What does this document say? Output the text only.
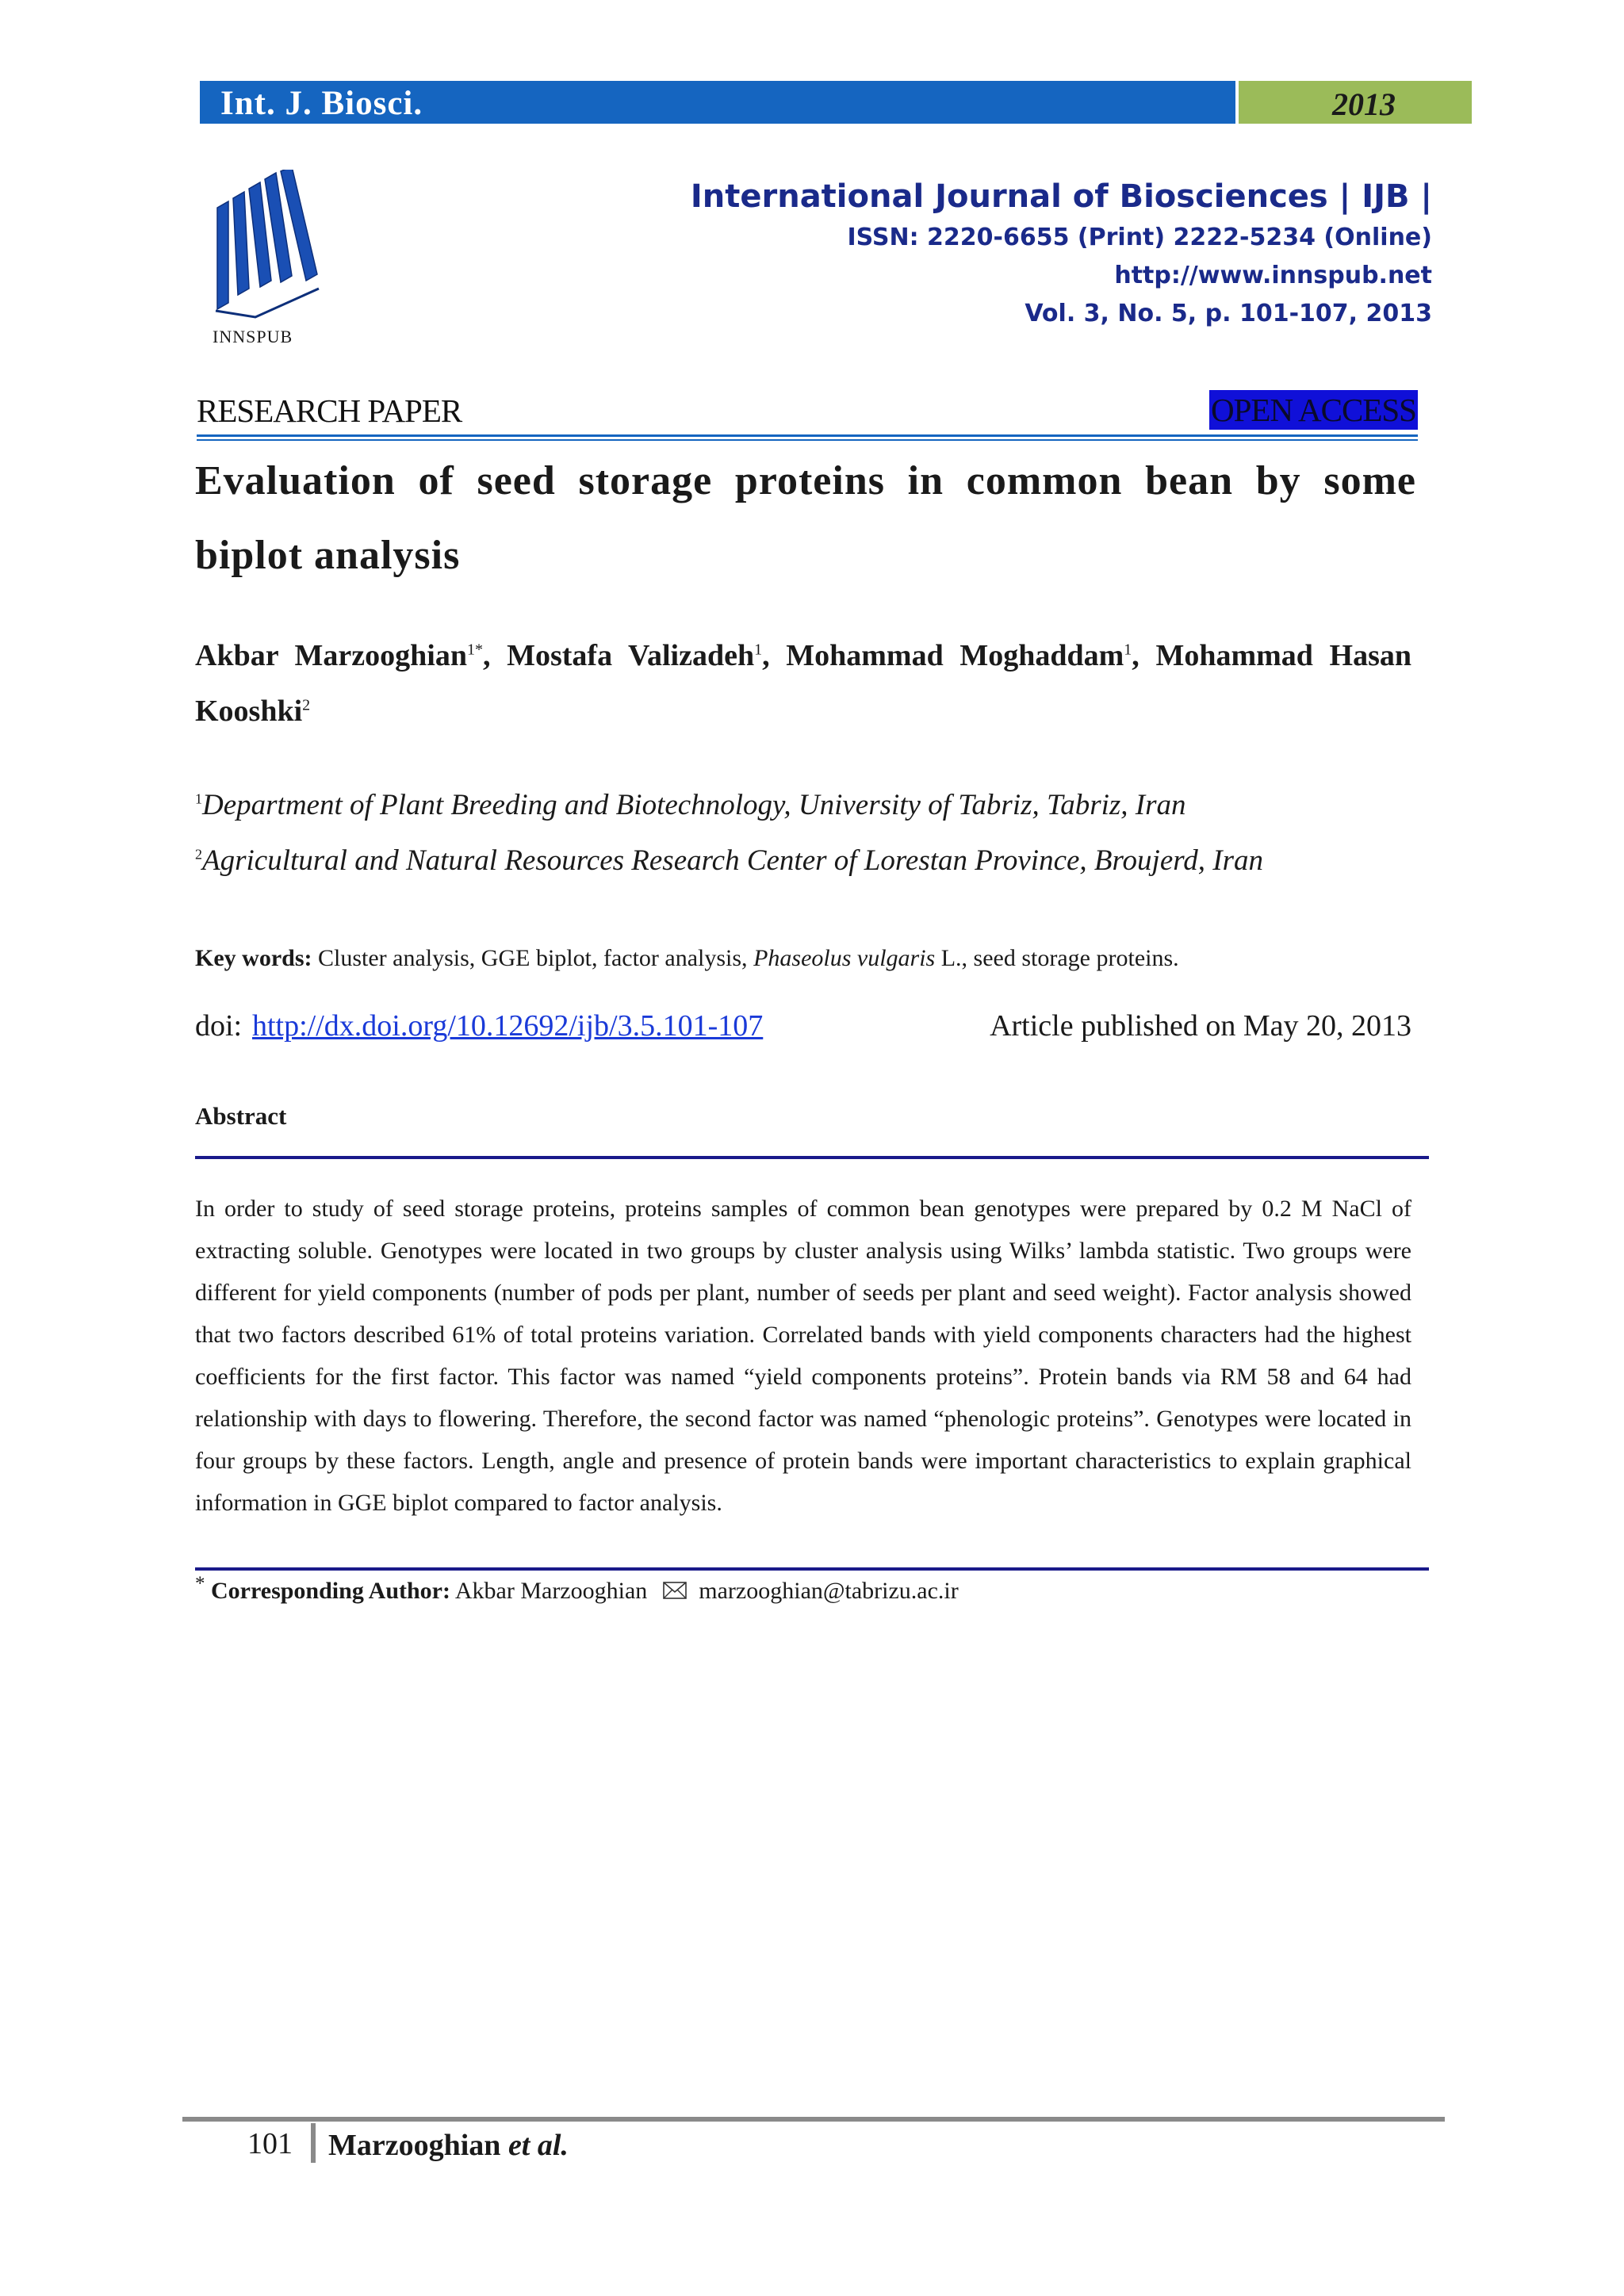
Int. J. Biosci.	2013
INNSPUB
International Journal of Biosciences | IJB |
ISSN: 2220-6655 (Print) 2222-5234 (Online)
http://www.innspub.net
Vol. 3, No. 5, p. 101-107, 2013
RESEARCH PAPER	OPEN ACCESS
Evaluation of seed storage proteins in common bean by some biplot analysis
Akbar Marzooghian$^{1*}$, Mostafa Valizadeh$^1$, Mohammad Moghaddam$^1$, Mohammad Hasan Kooshki$^2$
$^1$Department of Plant Breeding and Biotechnology, University of Tabriz, Tabriz, Iran
$^2$Agricultural and Natural Resources Research Center of Lorestan Province, Broujerd, Iran
Key words: Cluster analysis, GGE biplot, factor analysis, Phaseolus vulgaris L., seed storage proteins.
doi: http://dx.doi.org/10.12692/ijb/3.5.101-107	Article published on May 20, 2013
Abstract

In order to study of seed storage proteins, proteins samples of common bean genotypes were prepared by 0.2 M NaCl of extracting soluble. Genotypes were located in two groups by cluster analysis using Wilks’ lambda statistic. Two groups were different for yield components (number of pods per plant, number of seeds per plant and seed weight). Factor analysis showed that two factors described 61% of total proteins variation. Correlated bands with yield components characters had the highest coefficients for the first factor. This factor was named “yield components proteins”. Protein bands via RM 58 and 64 had relationship with days to flowering. Therefore, the second factor was named “phenologic proteins”. Genotypes were located in four groups by these factors. Length, angle and presence of protein bands were important characteristics to explain graphical information in GGE biplot compared to factor analysis.

* Corresponding Author: Akbar Marzooghian marzooghian@tabrizu.ac.ir
101 Marzooghian et al.
